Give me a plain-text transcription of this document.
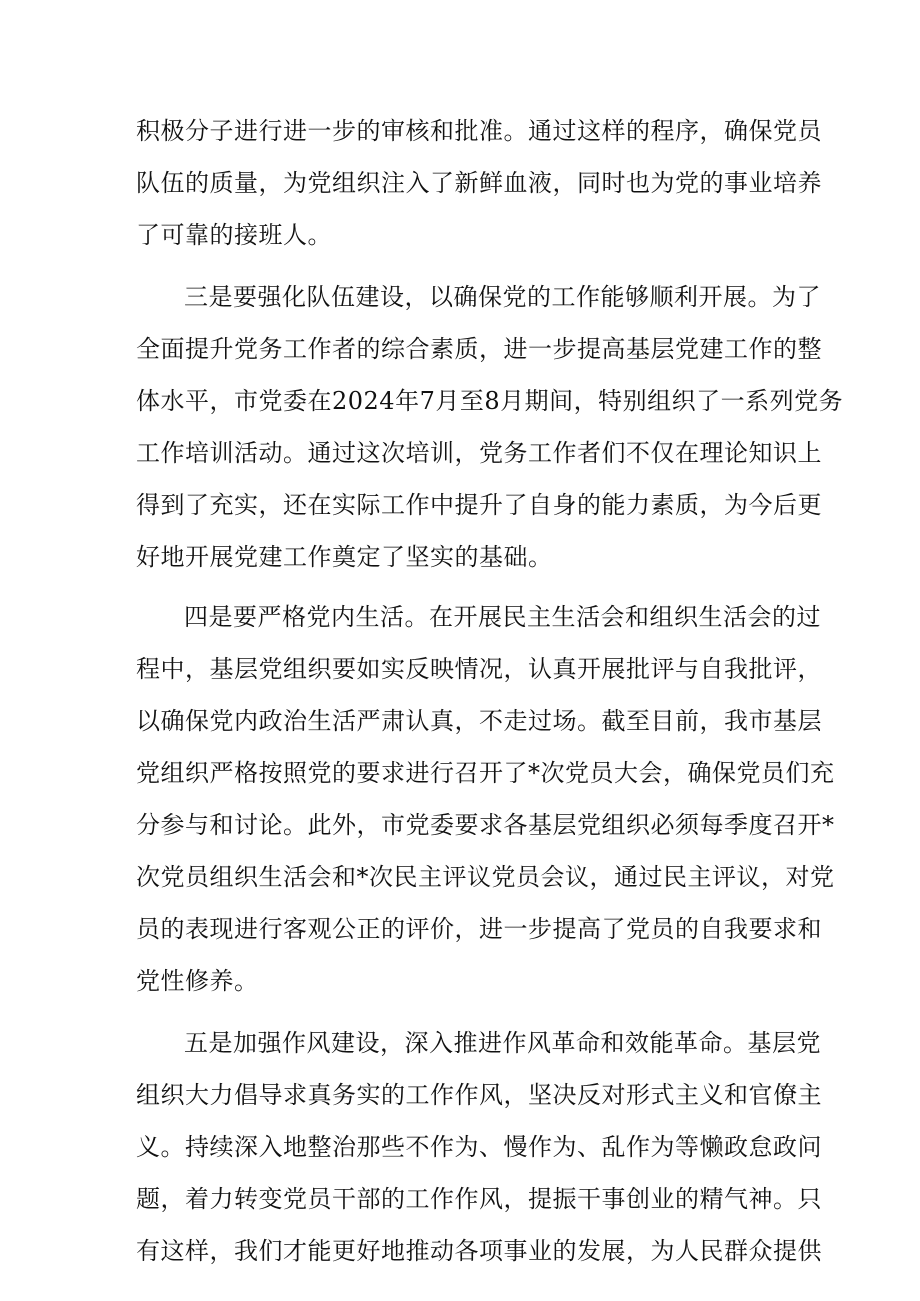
积极分子进行进一步的审核和批准。通过这样的程序，确保党员
队伍的质量，为党组织注入了新鲜血液，同时也为党的事业培养
了可靠的接班人。
三是要强化队伍建设，以确保党的工作能够顺利开展。为了
全面提升党务工作者的综合素质，进一步提高基层党建工作的整
体水平，市党委在2024年7月至8月期间，特别组织了一系列党务
工作培训活动。通过这次培训，党务工作者们不仅在理论知识上
得到了充实，还在实际工作中提升了自身的能力素质，为今后更
好地开展党建工作奠定了坚实的基础。
四是要严格党内生活。在开展民主生活会和组织生活会的过
程中，基层党组织要如实反映情况，认真开展批评与自我批评，
以确保党内政治生活严肃认真，不走过场。截至目前，我市基层
党组织严格按照党的要求进行召开了*次党员大会，确保党员们充
分参与和讨论。此外，市党委要求各基层党组织必须每季度召开*
次党员组织生活会和*次民主评议党员会议，通过民主评议，对党
员的表现进行客观公正的评价，进一步提高了党员的自我要求和
党性修养。
五是加强作风建设，深入推进作风革命和效能革命。基层党
组织大力倡导求真务实的工作作风，坚决反对形式主义和官僚主
义。持续深入地整治那些不作为、慢作为、乱作为等懒政怠政问
题，着力转变党员干部的工作作风，提振干事创业的精气神。只
有这样，我们才能更好地推动各项事业的发展，为人民群众提供
